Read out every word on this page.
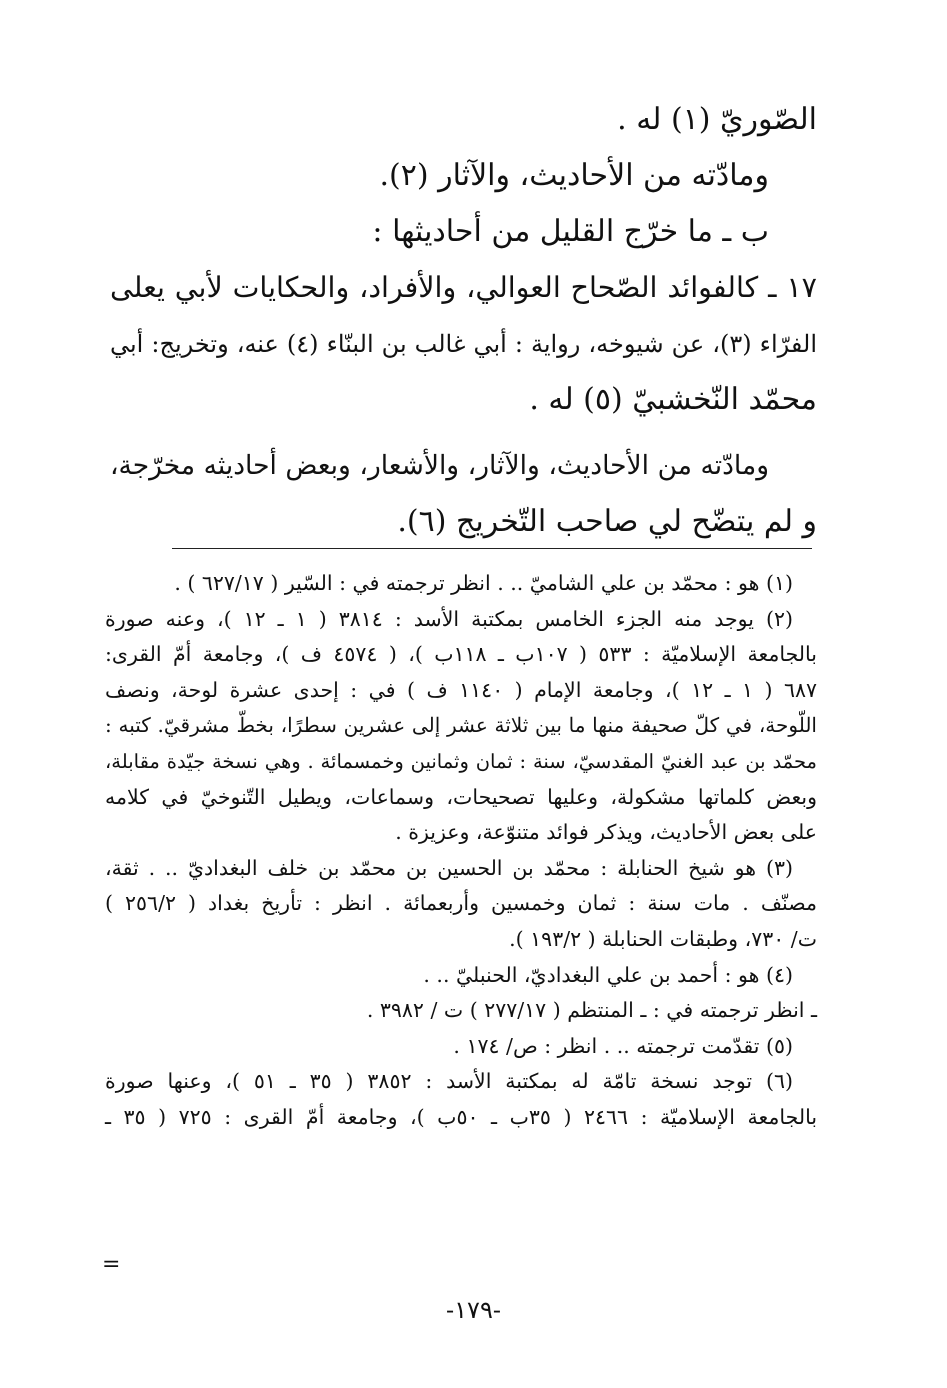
الصّوريّ (١) له .
ومادّته من الأحاديث، والآثار (٢).
ب ـ ما خرّج القليل من أحاديثها :
١٧ ـ كالفوائد الصّحاح العوالي، والأفراد، والحكايات لأبي يعلى
الفرّاء (٣)، عن شيوخه، رواية : أبي غالب بن البنّاء (٤) عنه، وتخريج: أبي
محمّد النّخشبيّ (٥) له .
ومادّته من الأحاديث، والآثار، والأشعار، وبعض أحاديثه مخرّجة،
و لم يتضّح لي صاحب التّخريج (٦).
(١) هو : محمّد بن علي الشاميّ .. . انظر ترجمته في : السّير ( ٦٢٧/١٧ ) .
(٢) يوجد منه الجزء الخامس بمكتبة الأسد : ٣٨١٤ ( ١ ـ ١٢ )، وعنه صورة
بالجامعة الإسلاميّة : ٥٣٣ ( ١٠٧ب ـ ١١٨ب )، ( ٤٥٧٤ ف )، وجامعة أمّ القرى:
٦٨٧ ( ١ ـ ١٢ )، وجامعة الإمام ( ١١٤٠ ف ) في : إحدى عشرة لوحة، ونصف
اللّوحة، في كلّ صحيفة منها ما بين ثلاثة عشر إلى عشرين سطرًا، بخطّ مشرقيّ. كتبه :
محمّد بن عبد الغنيّ المقدسيّ، سنة : ثمان وثمانين وخمسمائة . وهي نسخة جيّدة مقابلة،
وبعض كلماتها مشكولة، وعليها تصحيحات، وسماعات، ويطيل التّنوخيّ في كلامه
على بعض الأحاديث، ويذكر فوائد متنوّعة، وعزيزة .
(٣) هو شيخ الحنابلة : محمّد بن الحسين بن محمّد بن خلف البغداديّ .. . ثقة،
مصنّف . مات سنة : ثمان وخمسين وأربعمائة . انظر : تأريخ بغداد ( ٢٥٦/٢ )
ت/ ٧٣٠، وطبقات الحنابلة ( ١٩٣/٢ ).
(٤) هو : أحمد بن علي البغداديّ، الحنبليّ .. .
ـ انظر ترجمته في : ـ المنتظم ( ٢٧٧/١٧ ) ت / ٣٩٨٢ .
(٥) تقدّمت ترجمته .. . انظر : ص/ ١٧٤ .
(٦) توجد نسخة تامّة له بمكتبة الأسد : ٣٨٥٢ ( ٣٥ ـ ٥١ )، وعنها صورة
بالجامعة الإسلاميّة : ٢٤٦٦ ( ٣٥ب ـ ٥٠ب )، وجامعة أمّ القرى : ٧٢٥ ( ٣٥ ـ
=
-١٧٩-
